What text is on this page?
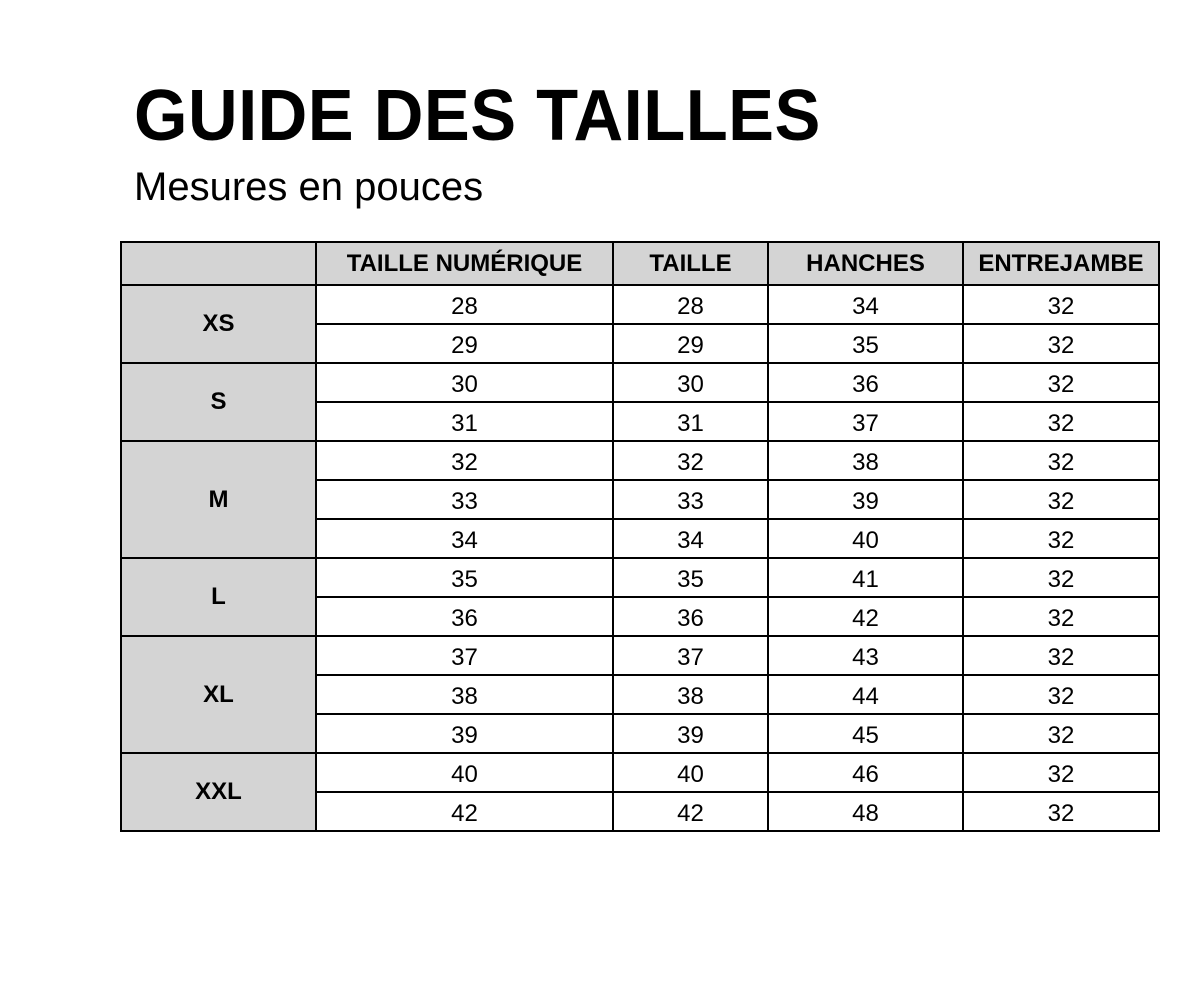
GUIDE DES TAILLES

Mesures en pouces

	TAILLE NUMÉRIQUE	TAILLE	HANCHES	ENTREJAMBE
XS	28	28	34	32
	29	29	35	32
S	30	30	36	32
	31	31	37	32
M	32	32	38	32
	33	33	39	32
	34	34	40	32
L	35	35	41	32
	36	36	42	32
XL	37	37	43	32
	38	38	44	32
	39	39	45	32
XXL	40	40	46	32
	42	42	48	32
